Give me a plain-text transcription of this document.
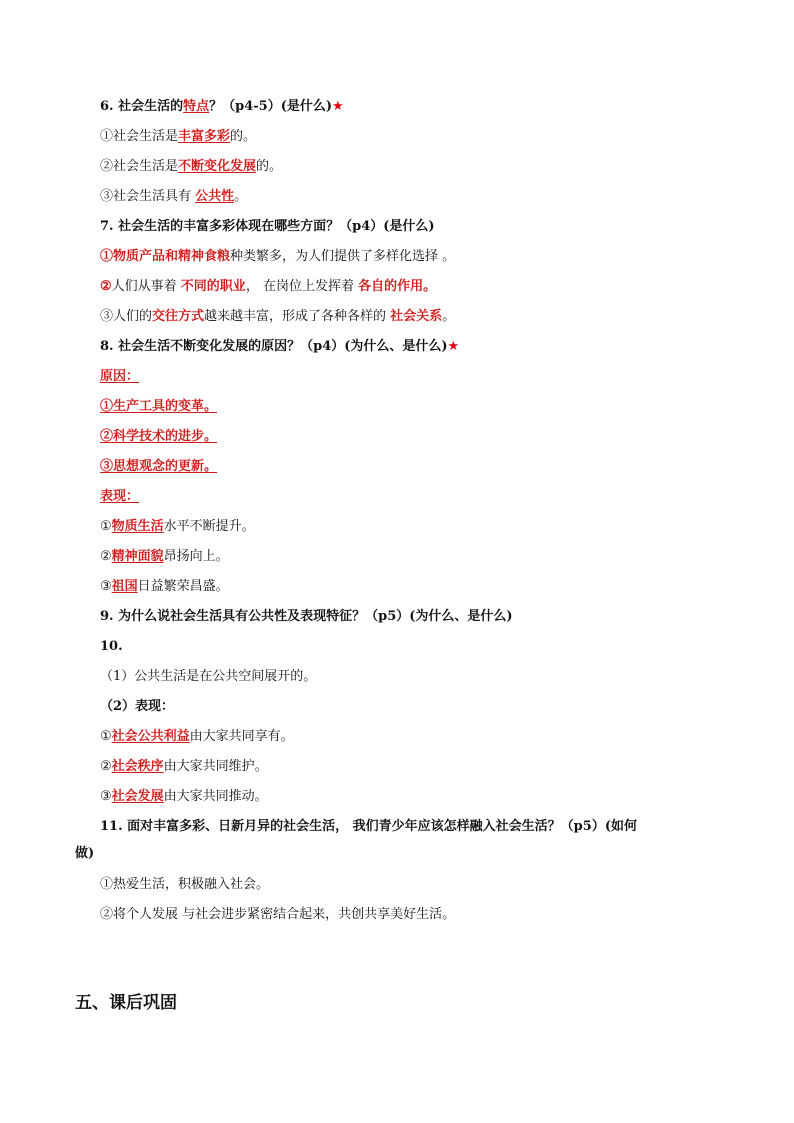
6. 社会生活的特点？（p4-5）(是什么)★
①社会生活是丰富多彩的。
②社会生活是不断变化发展的。
③社会生活具有 公共性。
7. 社会生活的丰富多彩体现在哪些方面？（p4）(是什么)
①物质产品和精神食粮种类繁多，为人们提供了多样化选择 。
②人们从事着 不同的职业， 在岗位上发挥着 各自的作用。
③人们的交往方式越来越丰富，形成了各种各样的 社会关系。
8. 社会生活不断变化发展的原因？（p4）(为什么、是什么)★
原因：
①生产工具的变革。
②科学技术的进步。
③思想观念的更新。
表现：
①物质生活水平不断提升。
②精神面貌昂扬向上。
③祖国日益繁荣昌盛。
9. 为什么说社会生活具有公共性及表现特征？（p5）(为什么、是什么)
10.
（1）公共生活是在公共空间展开的。
（2）表现：
①社会公共利益由大家共同享有。
②社会秩序由大家共同维护。
③社会发展由大家共同推动。
11. 面对丰富多彩、日新月异的社会生活， 我们青少年应该怎样融入社会生活？（p5）(如何
做)
①热爱生活，积极融入社会。
②将个人发展 与社会进步紧密结合起来，共创共享美好生活。
五、课后巩固
